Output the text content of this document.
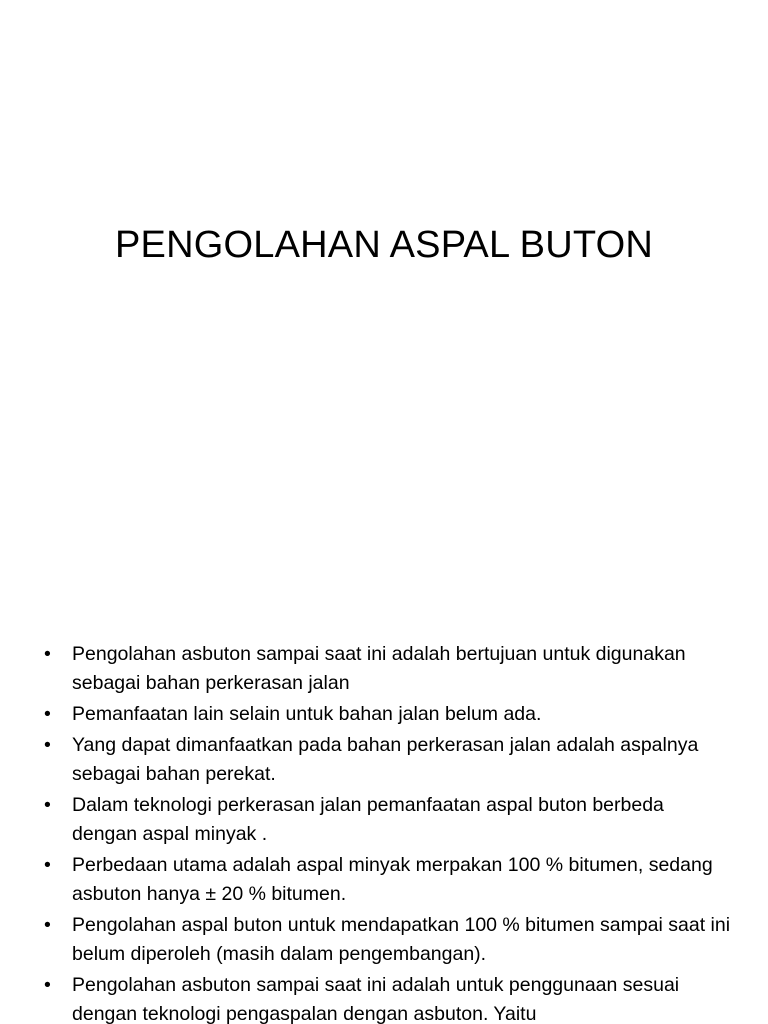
PENGOLAHAN ASPAL BUTON
•	Pengolahan asbuton sampai saat ini adalah bertujuan untuk digunakan sebagai bahan perkerasan jalan
•	Pemanfaatan lain selain untuk bahan jalan belum ada.
•	Yang dapat dimanfaatkan pada bahan perkerasan jalan adalah aspalnya sebagai bahan perekat.
•	Dalam teknologi perkerasan jalan pemanfaatan aspal buton berbeda dengan aspal minyak .
•	Perbedaan utama adalah aspal minyak merpakan 100 % bitumen, sedang asbuton hanya ± 20 % bitumen.
•	Pengolahan aspal buton untuk mendapatkan 100 % bitumen sampai saat ini belum diperoleh (masih dalam pengembangan).
•	Pengolahan asbuton sampai saat ini adalah untuk penggunaan sesuai dengan teknologi pengaspalan dengan asbuton. Yaitu
